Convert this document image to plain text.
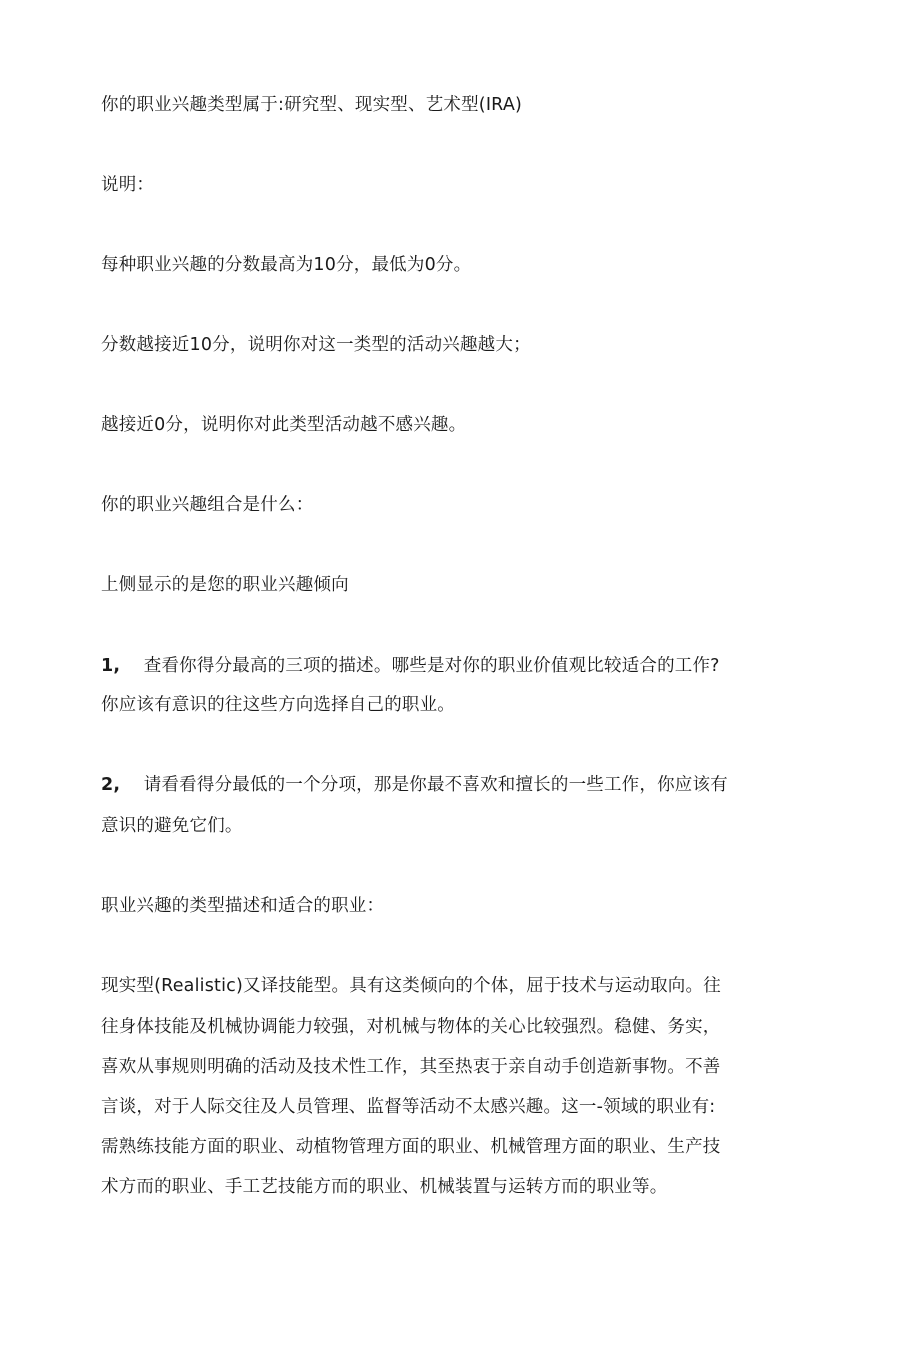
你的职业兴趣类型属于:研究型、现实型、艺术型(IRA)
说明：
每种职业兴趣的分数最高为10分，最低为0分。
分数越接近10分，说明你对这一类型的活动兴趣越大；
越接近0分，说明你对此类型活动越不感兴趣。
你的职业兴趣组合是什么：
上侧显示的是您的职业兴趣倾向
1, 查看你得分最高的三项的描述。哪些是对你的职业价值观比较适合的工作?
你应该有意识的往这些方向选择自己的职业。
2, 请看看得分最低的一个分项，那是你最不喜欢和擅长的一些工作，你应该有
意识的避免它们。
职业兴趣的类型描述和适合的职业：
现实型(Realistic)又译技能型。具有这类倾向的个体，屈于技术与运动取向。往
往身体技能及机械协调能力较强，对机械与物体的关心比较强烈。稳健、务实，
喜欢从事规则明确的活动及技术性工作，其至热衷于亲自动手创造新事物。不善
言谈，对于人际交往及人员管理、监督等活动不太感兴趣。这一-领域的职业有:
需熟练技能方面的职业、动植物管理方面的职业、机械管理方面的职业、生产技
术方而的职业、手工艺技能方而的职业、机械装置与运转方而的职业等。
